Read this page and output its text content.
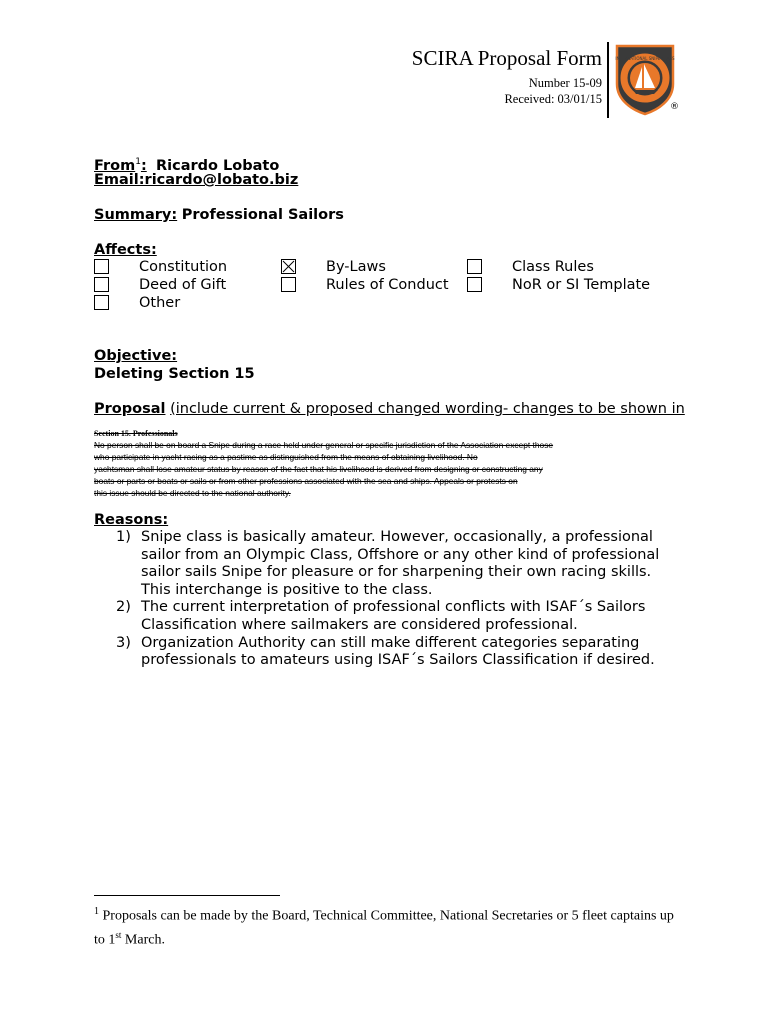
SCIRA Proposal Form
Number 15-09
Received: 03/01/15
INTERNATIONAL SNIPE CLASS
®
From$^1$: Ricardo Lobato
Email:ricardo@lobato.biz
Summary: Professional Sailors
Affects:
Constitution
Deed of Gift
Other
By-Laws
Rules of Conduct
Class Rules
NoR or SI Template
Objective:
Deleting Section 15
Proposal (include current & proposed changed wording- changes to be shown in
Section 15. Professionals
No person shall be on board a Snipe during a race held under general or specific jurisdiction of the Association except those
who participate in yacht racing as a pastime as distinguished from the means of obtaining livelihood. No
yachtsman shall lose amateur status by reason of the fact that his livelihood is derived from designing or constructing any
boats or parts or boats or sails or from other professions associated with the sea and ships. Appeals or protests on
this issue should be directed to the national authority.
Reasons:
1) Snipe class is basically amateur. However, occasionally, a professional sailor from an Olympic Class, Offshore or any other kind of professional sailor sails Snipe for pleasure or for sharpening their own racing skills. This interchange is positive to the class.
2) The current interpretation of professional conflicts with ISAF´s Sailors Classification where sailmakers are considered professional.
3) Organization Authority can still make different categories separating professionals to amateurs using ISAF´s Sailors Classification if desired.
$^1$ Proposals can be made by the Board, Technical Committee, National Secretaries or 5 fleet captains up to 1st March.
